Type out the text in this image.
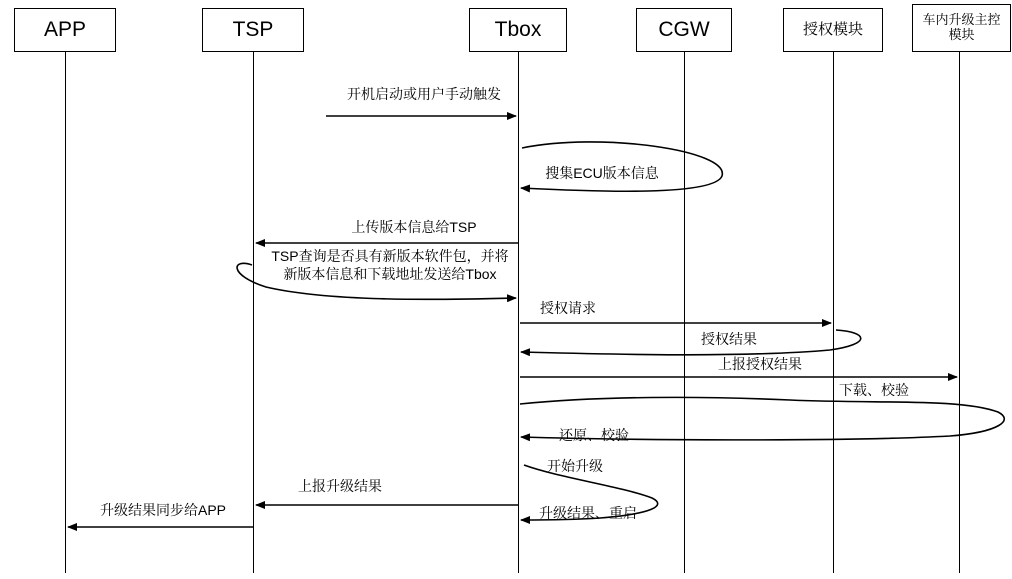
APP	TSP	Tbox	CGW	授权模块
车内升级主控模块
开机启动或用户手动触发
搜集ECU版本信息
上传版本信息给TSP
TSP查询是否具有新版本软件包，并将新版本信息和下载地址发送给Tbox
授权请求
授权结果
上报授权结果
下载、校验
还原、校验
开始升级
上报升级结果
升级结果、重启
升级结果同步给APP
